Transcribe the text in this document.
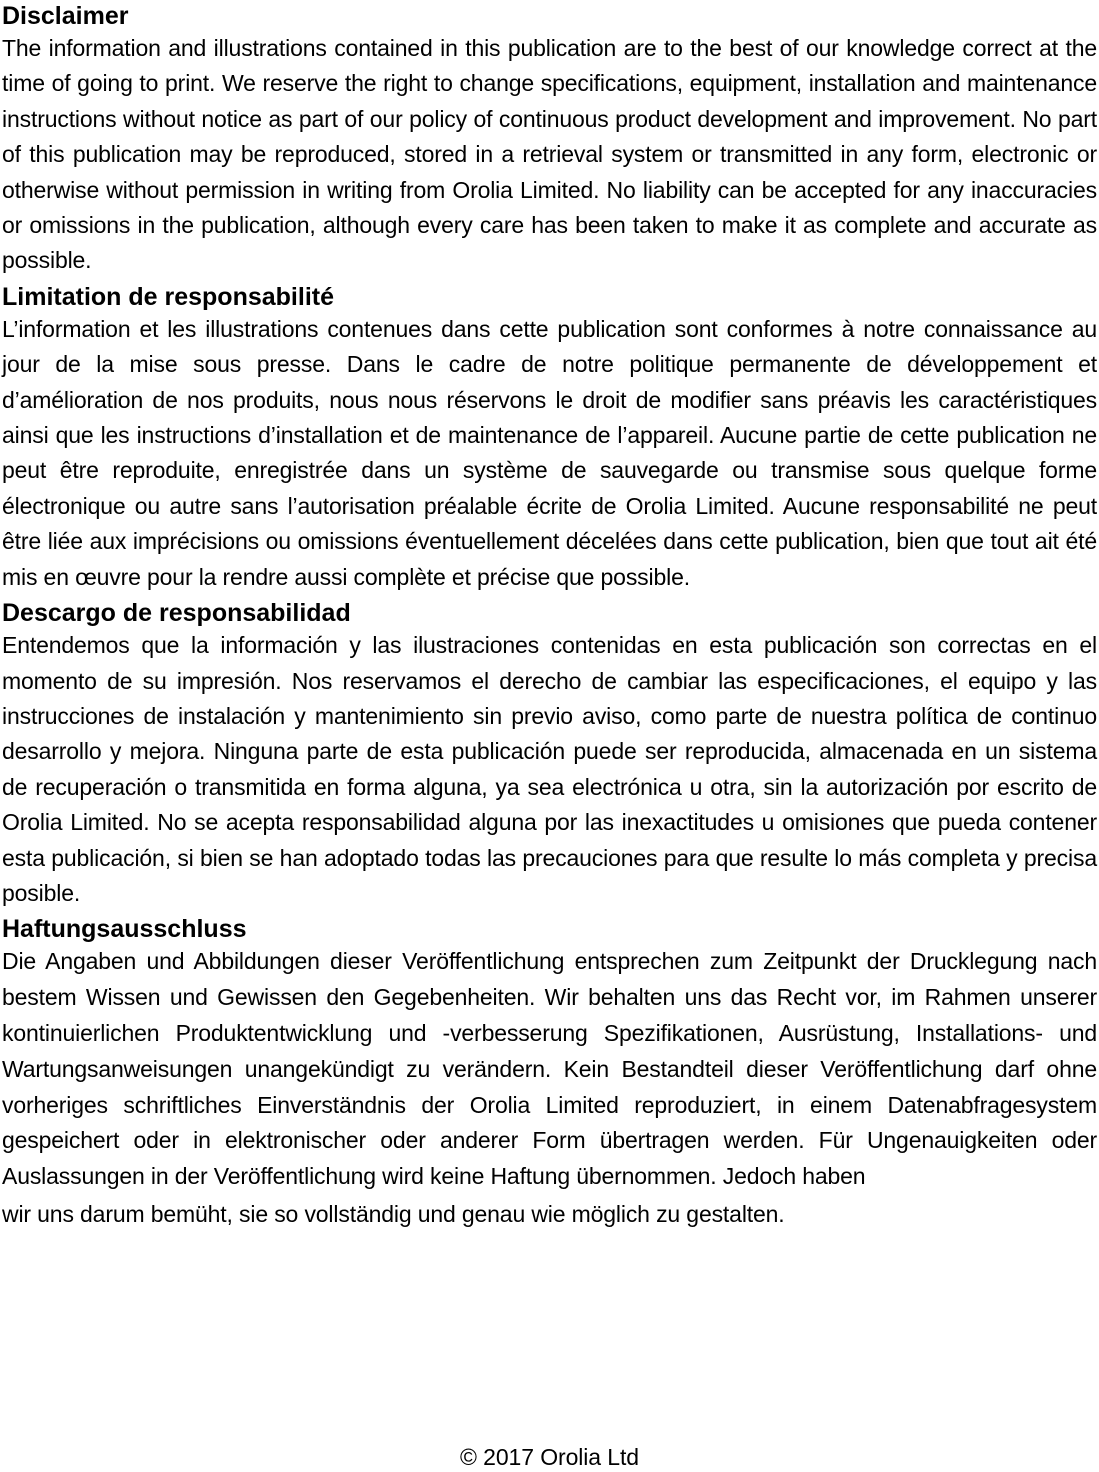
Disclaimer

The information and illustrations contained in this publication are to the best of our knowledge correct at the time of going to print. We reserve the right to change specifications, equipment, installation and maintenance instructions without notice as part of our policy of continuous product development and improvement. No part of this publication may be reproduced, stored in a retrieval system or transmitted in any form, electronic or otherwise without permission in writing from Orolia Limited. No liability can be accepted for any inaccuracies or omissions in the publication, although every care has been taken to make it as complete and accurate as possible.

Limitation de responsabilité

L’information et les illustrations contenues dans cette publication sont conformes à notre connaissance au jour de la mise sous presse. Dans le cadre de notre politique permanente de développement et d’amélioration de nos produits, nous nous réservons le droit de modifier sans préavis les caractéristiques ainsi que les instructions d’installation et de maintenance de l’appareil. Aucune partie de cette publication ne peut être reproduite, enregistrée dans un système de sauvegarde ou transmise sous quelque forme électronique ou autre sans l’autorisation préalable écrite de Orolia Limited. Aucune responsabilité ne peut être liée aux imprécisions ou omissions éventuellement décelées dans cette publication, bien que tout ait été mis en œuvre pour la rendre aussi complète et précise que possible.

Descargo de responsabilidad

Entendemos que la información y las ilustraciones contenidas en esta publicación son correctas en el momento de su impresión. Nos reservamos el derecho de cambiar las especificaciones, el equipo y las instrucciones de instalación y mantenimiento sin previo aviso, como parte de nuestra política de continuo desarrollo y mejora. Ninguna parte de esta publicación puede ser reproducida, almacenada en un sistema de recuperación o transmitida en forma alguna, ya sea electrónica u otra, sin la autorización por escrito de Orolia Limited. No se acepta responsabilidad alguna por las inexactitudes u omisiones que pueda contener esta publicación, si bien se han adoptado todas las precauciones para que resulte lo más completa y precisa posible.

Haftungsausschluss

Die Angaben und Abbildungen dieser Veröffentlichung entsprechen zum Zeitpunkt der Drucklegung nach bestem Wissen und Gewissen den Gegebenheiten. Wir behalten uns das Recht vor, im Rahmen unserer kontinuierlichen Produktentwicklung und -verbesserung Spezifikationen, Ausrüstung, Installations- und Wartungsanweisungen unangekündigt zu verändern. Kein Bestandteil dieser Veröffentlichung darf ohne vorheriges schriftliches Einverständnis der Orolia Limited reproduziert, in einem Datenabfragesystem gespeichert oder in elektronischer oder anderer Form übertragen werden. Für Ungenauigkeiten oder Auslassungen in der Veröffentlichung wird keine Haftung übernommen. Jedoch haben

wir uns darum bemüht, sie so vollständig und genau wie möglich zu gestalten.
© 2017 Orolia Ltd
